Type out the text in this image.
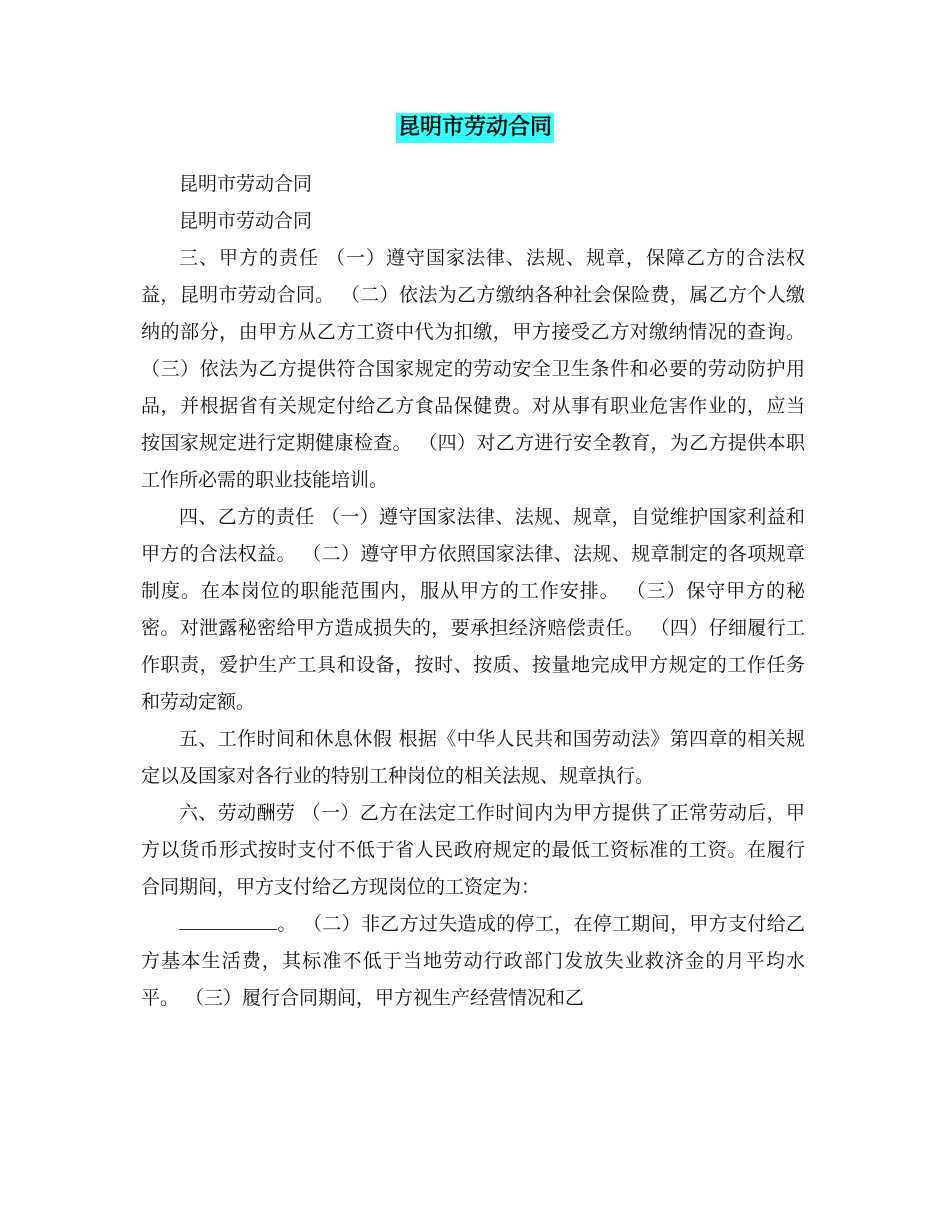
昆明市劳动合同

昆明市劳动合同

昆明市劳动合同

三、甲方的责任 （一）遵守国家法律、法规、规章，保障乙方的合法权益，昆明市劳动合同。 （二）依法为乙方缴纳各种社会保险费，属乙方个人缴纳的部分，由甲方从乙方工资中代为扣缴，甲方接受乙方对缴纳情况的查询。 （三）依法为乙方提供符合国家规定的劳动安全卫生条件和必要的劳动防护用品，并根据省有关规定付给乙方食品保健费。对从事有职业危害作业的，应当按国家规定进行定期健康检查。 （四）对乙方进行安全教育，为乙方提供本职工作所必需的职业技能培训。

四、乙方的责任 （一）遵守国家法律、法规、规章，自觉维护国家利益和甲方的合法权益。 （二）遵守甲方依照国家法律、法规、规章制定的各项规章制度。在本岗位的职能范围内，服从甲方的工作安排。 （三）保守甲方的秘密。对泄露秘密给甲方造成损失的，要承担经济赔偿责任。 （四）仔细履行工作职责，爱护生产工具和设备，按时、按质、按量地完成甲方规定的工作任务和劳动定额。

五、工作时间和休息休假 根据《中华人民共和国劳动法》第四章的相关规定以及国家对各行业的特别工种岗位的相关法规、规章执行。

六、劳动酬劳 （一）乙方在法定工作时间内为甲方提供了正常劳动后，甲方以货币形式按时支付不低于省人民政府规定的最低工资标准的工资。在履行合同期间，甲方支付给乙方现岗位的工资定为：

。 （二）非乙方过失造成的停工，在停工期间，甲方支付给乙方基本生活费，其标准不低于当地劳动行政部门发放失业救济金的月平均水平。 （三）履行合同期间，甲方视生产经营情况和乙
